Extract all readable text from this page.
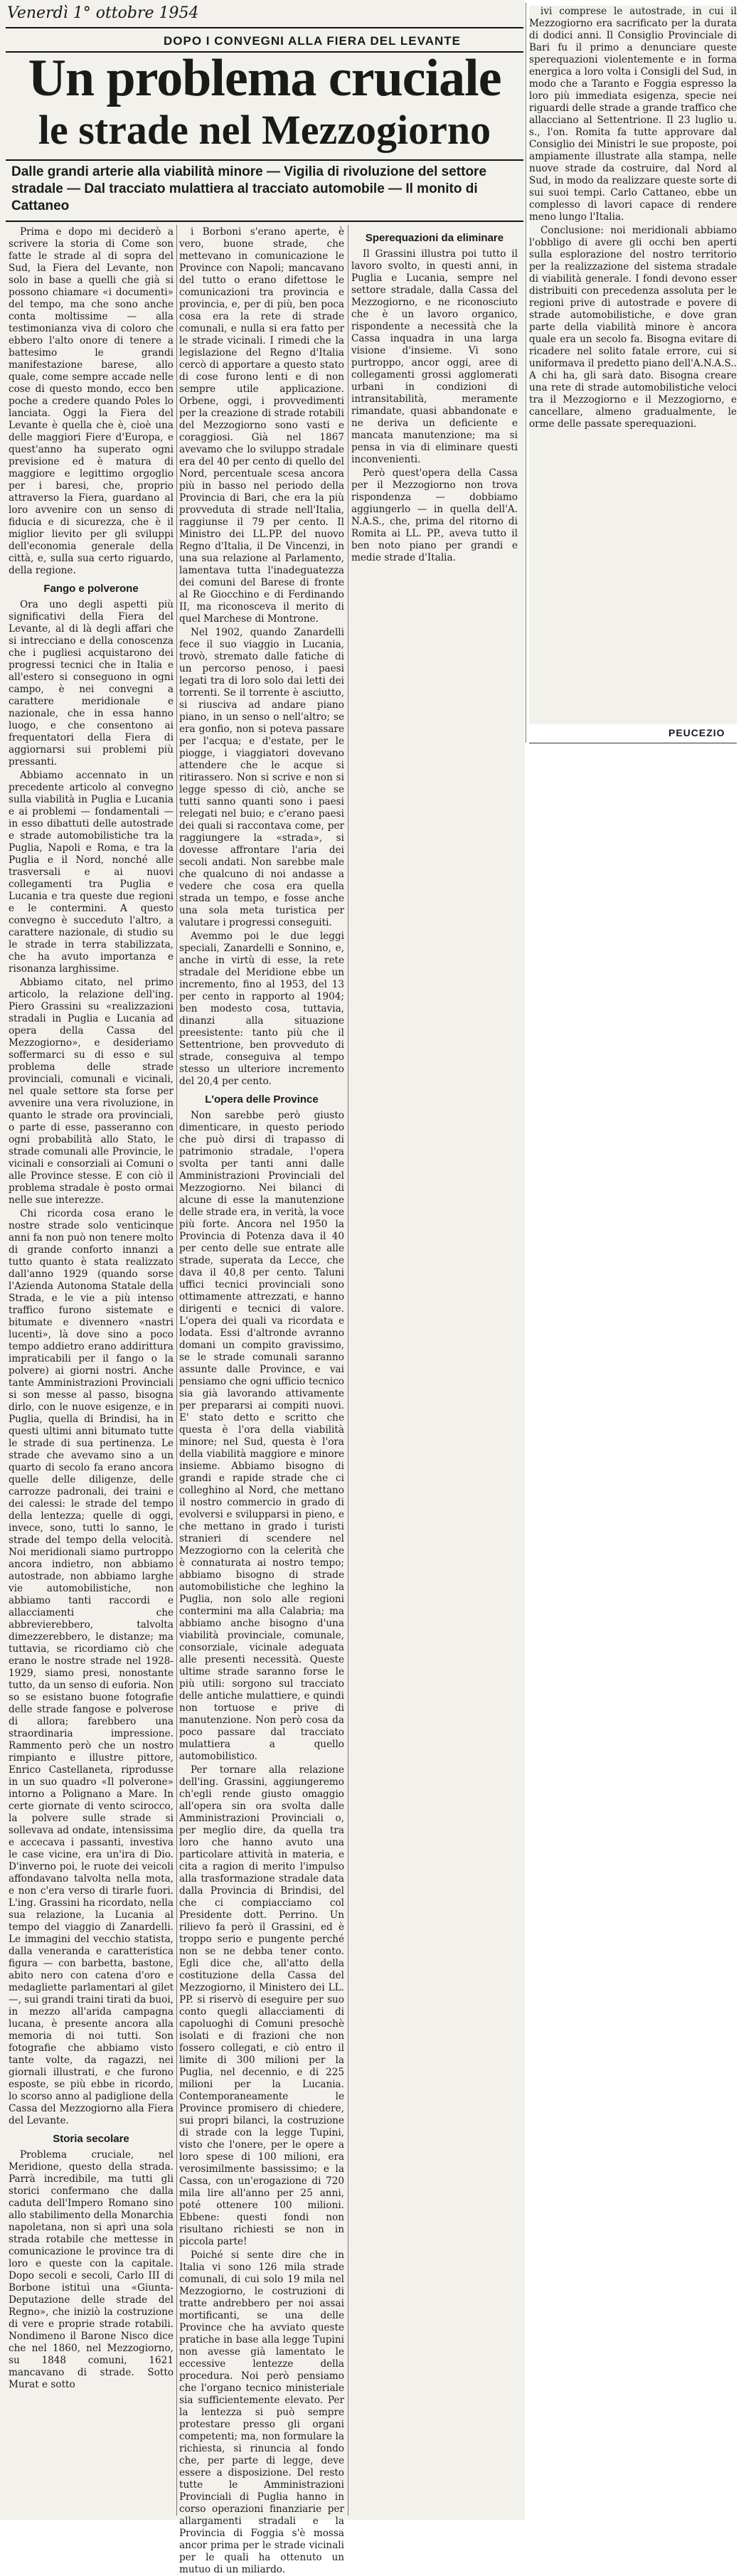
Venerdì 1° ottobre 1954
DOPO I CONVEGNI ALLA FIERA DEL LEVANTE
Un problema cruciale
le strade nel Mezzogiorno
Dalle grandi arterie alla viabilità minore — Vigilia di rivoluzione del settore stradale — Dal tracciato mulattiera al tracciato automobile — Il monito di Cattaneo

Prima e dopo mi deciderò a scrivere la storia di Come son fatte le strade al di sopra del Sud, la Fiera del Levante, non solo in base a quelli che già si possono chiamare «i documenti» del tempo, ma che sono anche conta moltissime — alla testimonianza viva di coloro che ebbero l'alto onore di tenere a battesimo le grandi manifestazione barese, allo quale, come sempre accade nelle cose di questo mondo, ecco ben poche a credere quando Poles lo lanciata. Oggi la Fiera del Levante è quella che è, cioè una delle maggiori Fiere d'Europa, e quest'anno ha superato ogni previsione ed è matura di maggiore e legittimo orgoglio per i baresi, che, proprio attraverso la Fiera, guardano al loro avvenire con un senso di fiducia e di sicurezza, che è il miglior lievito per gli sviluppi dell'economia generale della città, e, sulla sua certo riguardo, della regione.

Fango e polverone

Ora uno degli aspetti più significativi della Fiera del Levante, al di là degli affari che si intrecciano e della conoscenza che i pugliesi acquistarono dei progressi tecnici che in Italia e all'estero si conseguono in ogni campo, è nei convegni a carattere meridionale e nazionale, che in essa hanno luogo, e che consentono ai frequentatori della Fiera di aggiornarsi sui problemi più pressanti.

Abbiamo accennato in un precedente articolo al convegno sulla viabilità in Puglia e Lucania e ai problemi — fondamentali — in esso dibattuti delle autostrade e strade automobilistiche tra la Puglia, Napoli e Roma, e tra la Puglia e il Nord, nonché alle trasversali e ai nuovi collegamenti tra Puglia e Lucania e tra queste due regioni e le contermini. A questo convegno è succeduto l'altro, a carattere nazionale, di studio su le strade in terra stabilizzata, che ha avuto importanza e risonanza larghissime.

Abbiamo citato, nel primo articolo, la relazione dell'ing. Piero Grassini su «realizzazioni stradali in Puglia e Lucania ad opera della Cassa del Mezzogiorno», e desideriamo soffermarci su di esso e sul problema delle strade provinciali, comunali e vicinali, nel quale settore sta forse per avvenire una vera rivoluzione, in quanto le strade ora provinciali, o parte di esse, passeranno con ogni probabilità allo Stato, le strade comunali alle Provincie, le vicinali e consorziali ai Comuni o alle Province stesse. E con ciò il problema stradale è posto ormai nelle sue interezze.

Chi ricorda cosa erano le nostre strade solo venticinque anni fa non può non tenere molto di grande conforto innanzi a tutto quanto è stata realizzato dall'anno 1929 (quando sorse l'Azienda Autonoma Statale della Strada, e le vie a più intenso traffico furono sistemate e bitumate e divennero «nastri lucenti», là dove sino a poco tempo addietro erano addirittura impraticabili per il fango o la polvere) ai giorni nostri. Anche tante Amministrazioni Provinciali si son messe al passo, bisogna dirlo, con le nuove esigenze, e in Puglia, quella di Brindisi, ha in questi ultimi anni bitumato tutte le strade di sua pertinenza. Le strade che avevamo sino a un quarto di secolo fa erano ancora quelle delle diligenze, delle carrozze padronali, dei traini e dei calessi: le strade del tempo della lentezza; quelle di oggi, invece, sono, tutti lo sanno, le strade del tempo della velocità. Noi meridionali siamo purtroppo ancora indietro, non abbiamo autostrade, non abbiamo larghe vie automobilistiche, non abbiamo tanti raccordi e allacciamenti che abbrevierebbero, talvolta dimezzerebbero, le distanze; ma tuttavia, se ricordiamo ciò che erano le nostre strade nel 1928-1929, siamo presi, nonostante tutto, da un senso di euforia. Non so se esistano buone fotografie delle strade fangose e polverose di allora; farebbero una straordinaria impressione. Rammento però che un nostro rimpianto e illustre pittore, Enrico Castellaneta, riprodusse in un suo quadro «Il polverone» intorno a Polignano a Mare. In certe giornate di vento scirocco, la polvere sulle strade si sollevava ad ondate, intensissima e accecava i passanti, investiva le case vicine, era un'ira di Dio. D'inverno poi, le ruote dei veicoli affondavano talvolta nella mota, e non c'era verso di tirarle fuori. L'ing. Grassini ha ricordato, nella sua relazione, la Lucania al tempo del viaggio di Zanardelli. Le immagini del vecchio statista, dalla veneranda e caratteristica figura — con barbetta, bastone, abito nero con catena d'oro e medagliette parlamentari al gilet —, sui grandi traini tirati da buoi, in mezzo all'arida campagna lucana, è presente ancora alla memoria di noi tutti. Son fotografie che abbiamo visto tante volte, da ragazzi, nei giornali illustrati, e che furono esposte, se più ebbe in ricordo, lo scorso anno al padiglione della Cassa del Mezzogiorno alla Fiera del Levante.

Storia secolare

Problema cruciale, nel Meridione, questo della strada. Parrà incredibile, ma tutti gli storici confermano che dalla caduta dell'Impero Romano sino allo stabilimento della Monarchia napoletana, non si aprì una sola strada rotabile che mettesse in comunicazione le province tra di loro e queste con la capitale. Dopo secoli e secoli, Carlo III di Borbone istituì una «Giunta-Deputazione delle strade del Regno», che iniziò la costruzione di vere e proprie strade rotabili. Nondimeno il Barone Nisco dice che nel 1860, nel Mezzogiorno, su 1848 comuni, 1621 mancavano di strade. Sotto Murat e sotto

i Borboni s'erano aperte, è vero, buone strade, che mettevano in comunicazione le Province con Napoli; mancavano del tutto o erano difettose le comunicazioni tra provincia e provincia, e, per di più, ben poca cosa era la rete di strade comunali, e nulla si era fatto per le strade vicinali. I rimedi che la legislazione del Regno d'Italia cercò di apportare a questo stato di cose furono lenti e di non sempre utile applicazione. Orbene, oggi, i provvedimenti per la creazione di strade rotabili del Mezzogiorno sono vasti e coraggiosi. Già nel 1867 avevamo che lo sviluppo stradale era del 40 per cento di quello del Nord, percentuale scesa ancora più in basso nel periodo della Provincia di Bari, che era la più provveduta di strade nell'Italia, raggiunse il 79 per cento. Il Ministro dei LL.PP. del nuovo Regno d'Italia, il De Vincenzi, in una sua relazione al Parlamento, lamentava tutta l'inadeguatezza dei comuni del Barese di fronte al Re Giocchino e di Ferdinando II, ma riconosceva il merito di quel Marchese di Montrone.

Nel 1902, quando Zanardelli fece il suo viaggio in Lucania, trovò, stremato dalle fatiche di un percorso penoso, i paesi legati tra di loro solo dai letti dei torrenti. Se il torrente è asciutto, si riusciva ad andare piano piano, in un senso o nell'altro; se era gonfio, non si poteva passare per l'acqua; e d'estate, per le piogge, i viaggiatori dovevano attendere che le acque si ritirassero. Non si scrive e non si legge spesso di ciò, anche se tutti sanno quanti sono i paesi relegati nel buio; e c'erano paesi dei quali si raccontava come, per raggiungere la «strada», si dovesse affrontare l'aria dei secoli andati. Non sarebbe male che qualcuno di noi andasse a vedere che cosa era quella strada un tempo, e fosse anche una sola meta turistica per valutare i progressi conseguiti.

Avemmo poi le due leggi speciali, Zanardelli e Sonnino, e, anche in virtù di esse, la rete stradale del Meridione ebbe un incremento, fino al 1953, del 13 per cento in rapporto al 1904; ben modesto cosa, tuttavia, dinanzi alla situazione preesistente: tanto più che il Settentrione, ben provveduto di strade, conseguiva al tempo stesso un ulteriore incremento del 20,4 per cento.

L'opera delle Province

Non sarebbe però giusto dimenticare, in questo periodo che può dirsi di trapasso di patrimonio stradale, l'opera svolta per tanti anni dalle Amministrazioni Provinciali del Mezzogiorno. Nei bilanci di alcune di esse la manutenzione delle strade era, in verità, la voce più forte. Ancora nel 1950 la Provincia di Potenza dava il 40 per cento delle sue entrate alle strade, superata da Lecce, che dava il 40,8 per cento. Taluni uffici tecnici provinciali sono ottimamente attrezzati, e hanno dirigenti e tecnici di valore. L'opera dei quali va ricordata e lodata. Essi d'altronde avranno domani un compito gravissimo, se le strade comunali saranno assunte dalle Province, e vai pensiamo che ogni ufficio tecnico sia già lavorando attivamente per prepararsi ai compiti nuovi. E' stato detto e scritto che questa è l'ora della viabilità minore; nel Sud, questa è l'ora della viabilità maggiore e minore insieme. Abbiamo bisogno di grandi e rapide strade che ci colleghino al Nord, che mettano il nostro commercio in grado di evolversi e svilupparsi in pieno, e che mettano in grado i turisti stranieri di scendere nel Mezzogiorno con la celerità che è connaturata ai nostro tempo; abbiamo bisogno di strade automobilistiche che leghino la Puglia, non solo alle regioni contermini ma alla Calabria; ma abbiamo anche bisogno d'una viabilità provinciale, comunale, consorziale, vicinale adeguata alle presenti necessità. Queste ultime strade saranno forse le più utili: sorgono sul tracciato delle antiche mulattiere, e quindi non tortuose e prive di manutenzione. Non però cosa da poco passare dal tracciato mulattiera a quello automobilistico.

Per tornare alla relazione dell'ing. Grassini, aggiungeremo ch'egli rende giusto omaggio all'opera sin ora svolta dalle Amministrazioni Provinciali o, per meglio dire, da quella tra loro che hanno avuto una particolare attività in materia, e cita a ragion di merito l'impulso alla trasformazione stradale data dalla Provincia di Brindisi, del che ci compiacciamo col Presidente dott. Perrino. Un rilievo fa però il Grassini, ed è troppo serio e pungente perché non se ne debba tener conto. Egli dice che, all'atto della costituzione della Cassa del Mezzogiorno, il Ministero dei LL. PP. si riservò di eseguire per suo conto quegli allacciamenti di capoluoghi di Comuni presochè isolati e di frazioni che non fossero collegati, e ciò entro il limite di 300 milioni per la Puglia, nel decennio, e di 225 milioni per la Lucania. Contemporaneamente le Province promisero di chiedere, sui propri bilanci, la costruzione di strade con la legge Tupini, visto che l'onere, per le opere a loro spese di 100 milioni, era verosimilmente bassissimo; e la Cassa, con un'erogazione di 720 mila lire all'anno per 25 anni, poté ottenere 100 milioni. Ebbene: questi fondi non risultano richiesti se non in piccola parte!

Poiché si sente dire che in Italia vi sono 126 mila strade comunali, di cui solo 19 mila nel Mezzogiorno, le costruzioni di tratte andrebbero per noi assai mortificanti, se una delle Province che ha avviato queste pratiche in base alla legge Tupini non avesse già lamentato le eccessive lentezze della procedura. Noi però pensiamo che l'organo tecnico ministeriale sia sufficientemente elevato. Per la lentezza si può sempre protestare presso gli organi competenti; ma, non formulare la richiesta, si rinuncia al fondo che, per parte di legge, deve essere a disposizione. Del resto tutte le Amministrazioni Provinciali di Puglia hanno in corso operazioni finanziarie per allargamenti stradali e la Provincia di Foggia s'è mossa ancor prima per le strade vicinali per le quali ha ottenuto un mutuo di un miliardo.

Sperequazioni da eliminare

Il Grassini illustra poi tutto il lavoro svolto, in questi anni, in Puglia e Lucania, sempre nel settore stradale, dalla Cassa del Mezzogiorno, e ne riconosciuto che è un lavoro organico, rispondente a necessità che la Cassa inquadra in una larga visione d'insieme. Vi sono purtroppo, ancor oggi, aree di collegamenti grossi agglomerati urbani in condizioni di intransitabilità, meramente rimandate, quasi abbandonate e ne deriva un deficiente e mancata manutenzione; ma si pensa in via di eliminare questi inconvenienti.

Però quest'opera della Cassa per il Mezzogiorno non trova rispondenza — dobbiamo aggiungerlo — in quella dell'A. N.A.S., che, prima del ritorno di Romita ai LL. PP., aveva tutto il ben noto piano per grandi e medie strade d'Italia.

ivi comprese le autostrade, in cui il Mezzogiorno era sacrificato per la durata di dodici anni. Il Consiglio Provinciale di Bari fu il primo a denunciare queste sperequazioni violentemente e in forma energica a loro volta i Consigli del Sud, in modo che a Taranto e Foggia espresso la loro più immediata esigenza, specie nei riguardi delle strade a grande traffico che allacciano al Settentrione. Il 23 luglio u. s., l'on. Romita fa tutte approvare dal Consiglio dei Ministri le sue proposte, poi ampiamente illustrate alla stampa, nelle nuove strade da costruire, dal Nord al Sud, in modo da realizzare queste sorte di sui suoi tempi. Carlo Cattaneo, ebbe un complesso di lavori capace di rendere meno lungo l'Italia.

Conclusione: noi meridionali abbiamo l'obbligo di avere gli occhi ben aperti sulla esplorazione del nostro territorio per la realizzazione del sistema stradale di viabilità generale. I fondi devono esser distribuiti con precedenza assoluta per le regioni prive di autostrade e povere di strade automobilistiche, e dove gran parte della viabilità minore è ancora quale era un secolo fa. Bisogna evitare di ricadere nel solito fatale errore, cui si uniformava il predetto piano dell'A.N.A.S.. A chi ha, gli sarà dato. Bisogna creare una rete di strade automobilistiche veloci tra il Mezzogiorno e il Mezzogiorno, e cancellare, almeno gradualmente, le orme delle passate sperequazioni.

PEUCEZIO
